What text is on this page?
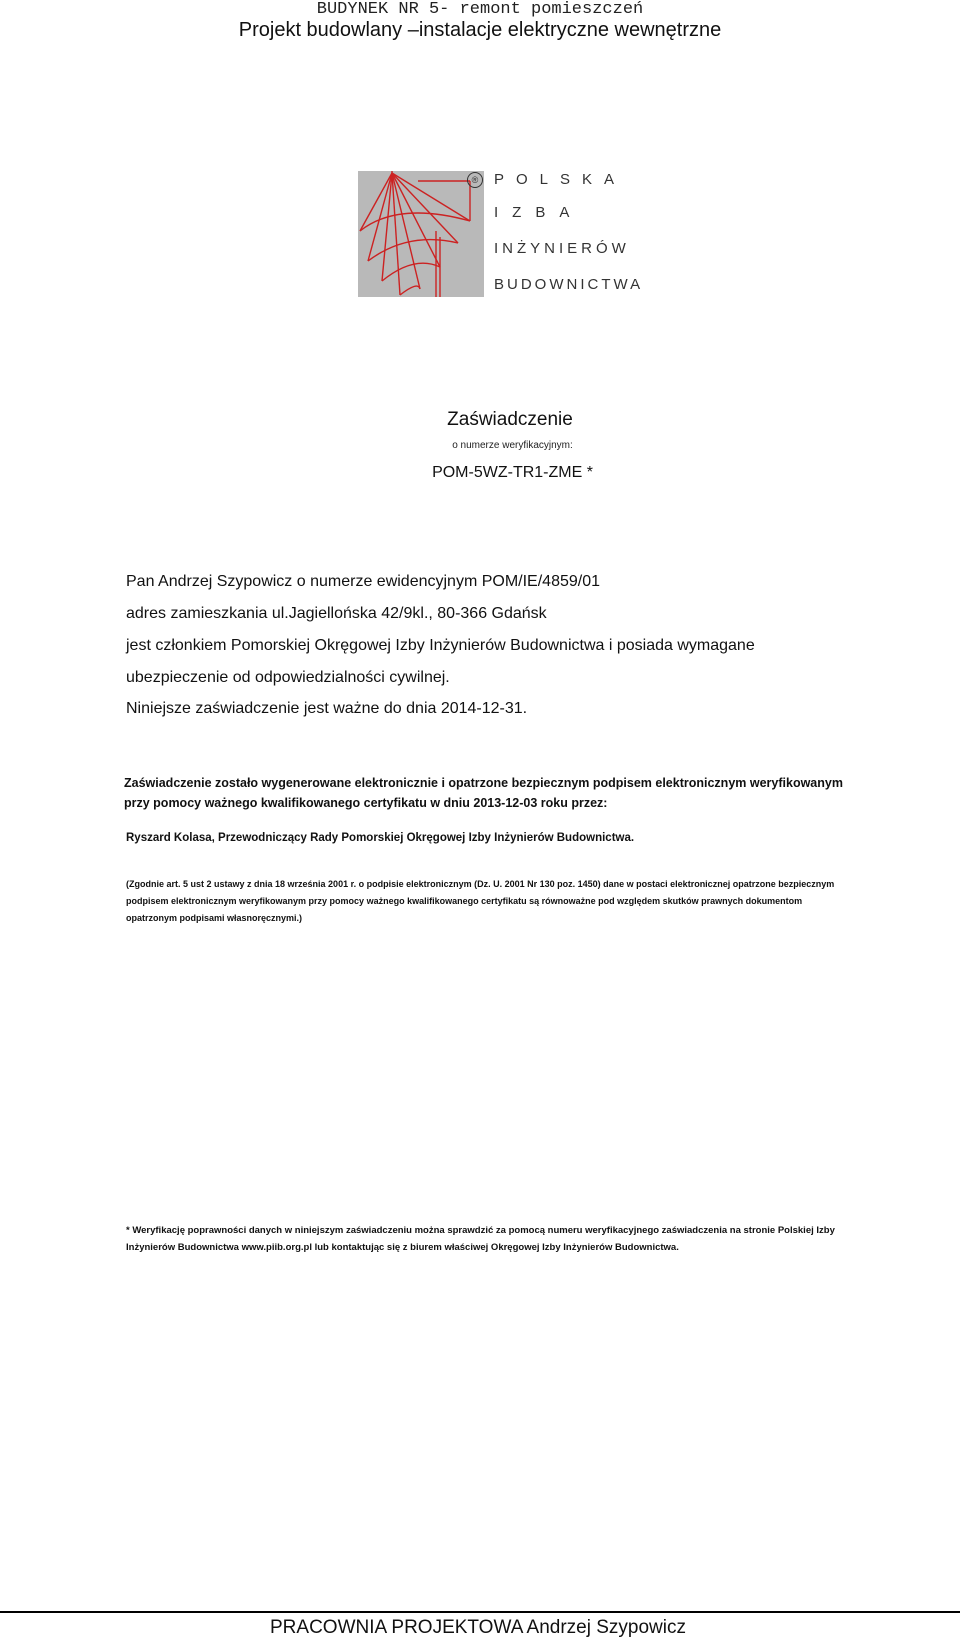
BUDYNEK NR 5- remont pomieszczeń
Projekt budowlany –instalacje elektryczne wewnętrzne
®	POLSKA
IZBA
INŻYNIERÓW
BUDOWNICTWA
Zaświadczenie
o numerze weryfikacyjnym:
POM-5WZ-TR1-ZME *
Pan Andrzej Szypowicz o numerze ewidencyjnym POM/IE/4859/01
adres zamieszkania ul.Jagiellońska 42/9kl., 80-366 Gdańsk
jest członkiem Pomorskiej Okręgowej Izby Inżynierów Budownictwa i posiada wymagane
ubezpieczenie od odpowiedzialności cywilnej.
Niniejsze zaświadczenie jest ważne do dnia 2014-12-31.
Zaświadczenie zostało wygenerowane elektronicznie i opatrzone bezpiecznym podpisem elektronicznym weryfikowanym przy pomocy ważnego kwalifikowanego certyfikatu w dniu 2013-12-03 roku przez:
Ryszard Kolasa, Przewodniczący Rady Pomorskiej Okręgowej Izby Inżynierów Budownictwa.
(Zgodnie art. 5 ust 2 ustawy z dnia 18 września 2001 r. o podpisie elektronicznym (Dz. U. 2001 Nr 130 poz. 1450) dane w postaci elektronicznej opatrzone bezpiecznym podpisem elektronicznym weryfikowanym przy pomocy ważnego kwalifikowanego certyfikatu są równoważne pod względem skutków prawnych dokumentom opatrzonym podpisami własnoręcznymi.)
* Weryfikację poprawności danych w niniejszym zaświadczeniu można sprawdzić za pomocą numeru weryfikacyjnego zaświadczenia na stronie Polskiej Izby Inżynierów Budownictwa www.piib.org.pl lub kontaktując się z biurem właściwej Okręgowej Izby Inżynierów Budownictwa.
PRACOWNIA PROJEKTOWA Andrzej Szypowicz
